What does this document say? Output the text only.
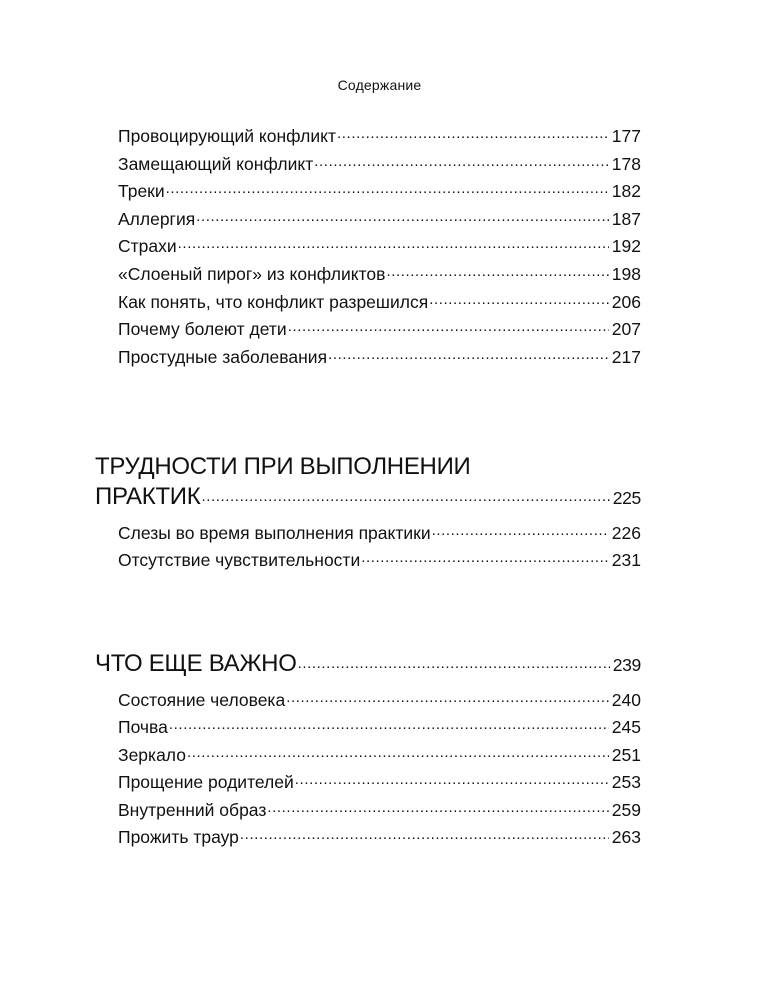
Содержание
Провоцирующий конфликт .....	177
Замещающий конфликт .....	178
Треки .....	182
Аллергия .....	187
Страхи .....	192
«Слоеный пирог» из конфликтов .....	198
Как понять, что конфликт разрешился .....	206
Почему болеют дети .....	207
Простудные заболевания .....	217
ТРУДНОСТИ ПРИ ВЫПОЛНЕНИИ
ПРАКТИК .....	225
Слезы во время выполнения практики .....	226
Отсутствие чувствительности .....	231
ЧТО ЕЩЕ ВАЖНО .....	239
Состояние человека .....	240
Почва .....	245
Зеркало .....	251
Прощение родителей .....	253
Внутренний образ .....	259
Прожить траур .....	263
